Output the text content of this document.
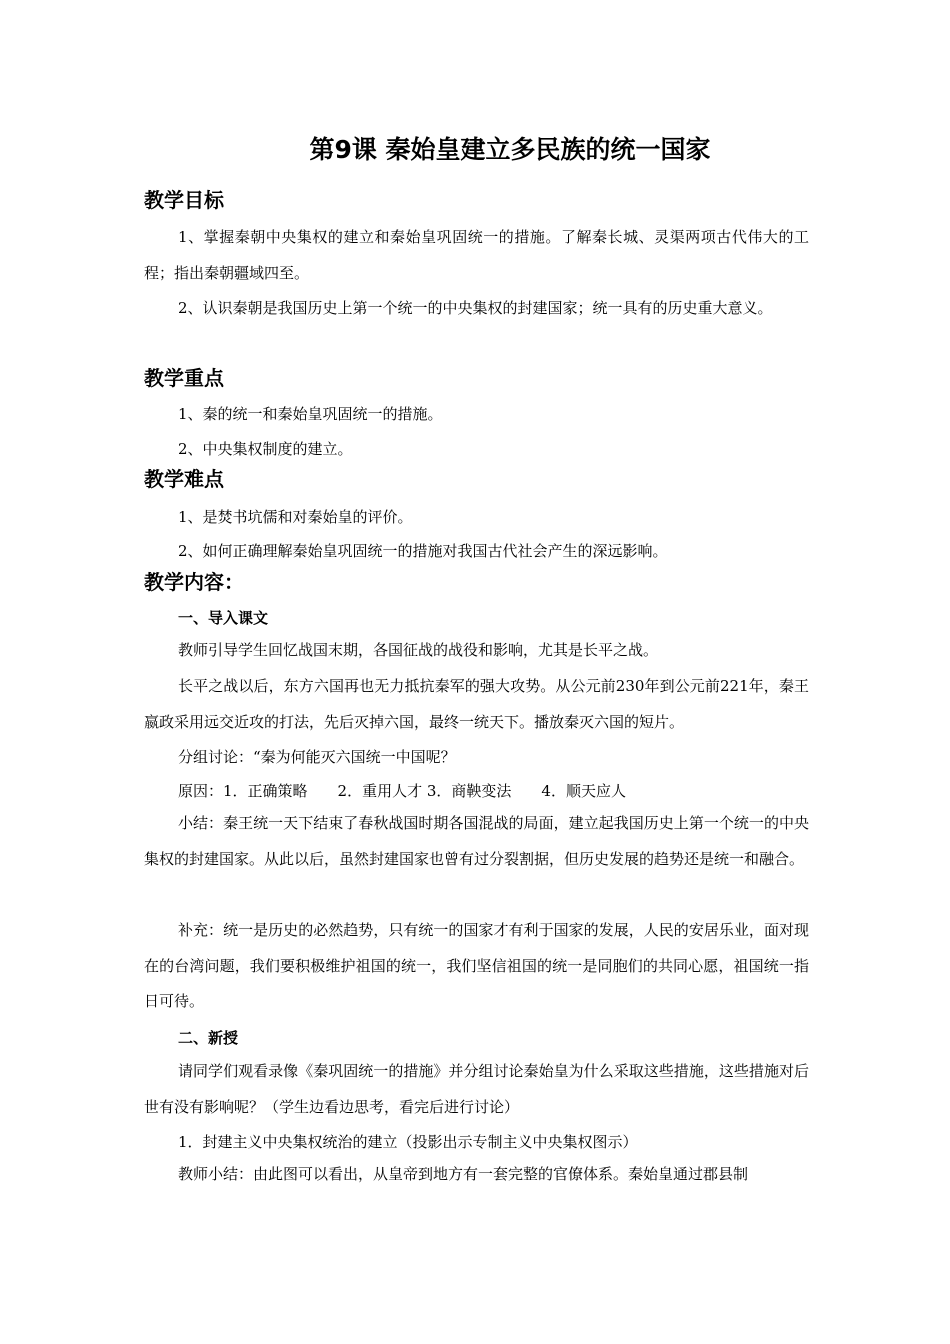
第9课 秦始皇建立多民族的统一国家
教学目标

1、掌握秦朝中央集权的建立和秦始皇巩固统一的措施。了解秦长城、灵渠两项古代伟大的工程；指出秦朝疆域四至。

2、认识秦朝是我国历史上第一个统一的中央集权的封建国家；统一具有的历史重大意义。

教学重点

1、秦的统一和秦始皇巩固统一的措施。

2、中央集权制度的建立。

教学难点

1、是焚书坑儒和对秦始皇的评价。

2、如何正确理解秦始皇巩固统一的措施对我国古代社会产生的深远影响。

教学内容：
一、导入课文

教师引导学生回忆战国末期，各国征战的战役和影响，尤其是长平之战。

长平之战以后，东方六国再也无力抵抗秦军的强大攻势。从公元前230年到公元前221年，秦王嬴政采用远交近攻的打法，先后灭掉六国，最终一统天下。播放秦灭六国的短片。

分组讨论：“秦为何能灭六国统一中国呢？

原因：1．正确策略　　2．重用人才 3．商鞅变法　　4．顺天应人

小结：秦王统一天下结束了春秋战国时期各国混战的局面，建立起我国历史上第一个统一的中央集权的封建国家。从此以后，虽然封建国家也曾有过分裂割据，但历史发展的趋势还是统一和融合。

补充：统一是历史的必然趋势，只有统一的国家才有利于国家的发展，人民的安居乐业，面对现在的台湾问题，我们要积极维护祖国的统一，我们坚信祖国的统一是同胞们的共同心愿，祖国统一指日可待。

二、新授

请同学们观看录像《秦巩固统一的措施》并分组讨论秦始皇为什么采取这些措施，这些措施对后世有没有影响呢？（学生边看边思考，看完后进行讨论）

1．封建主义中央集权统治的建立（投影出示专制主义中央集权图示）

教师小结：由此图可以看出，从皇帝到地方有一套完整的官僚体系。秦始皇通过郡县制
